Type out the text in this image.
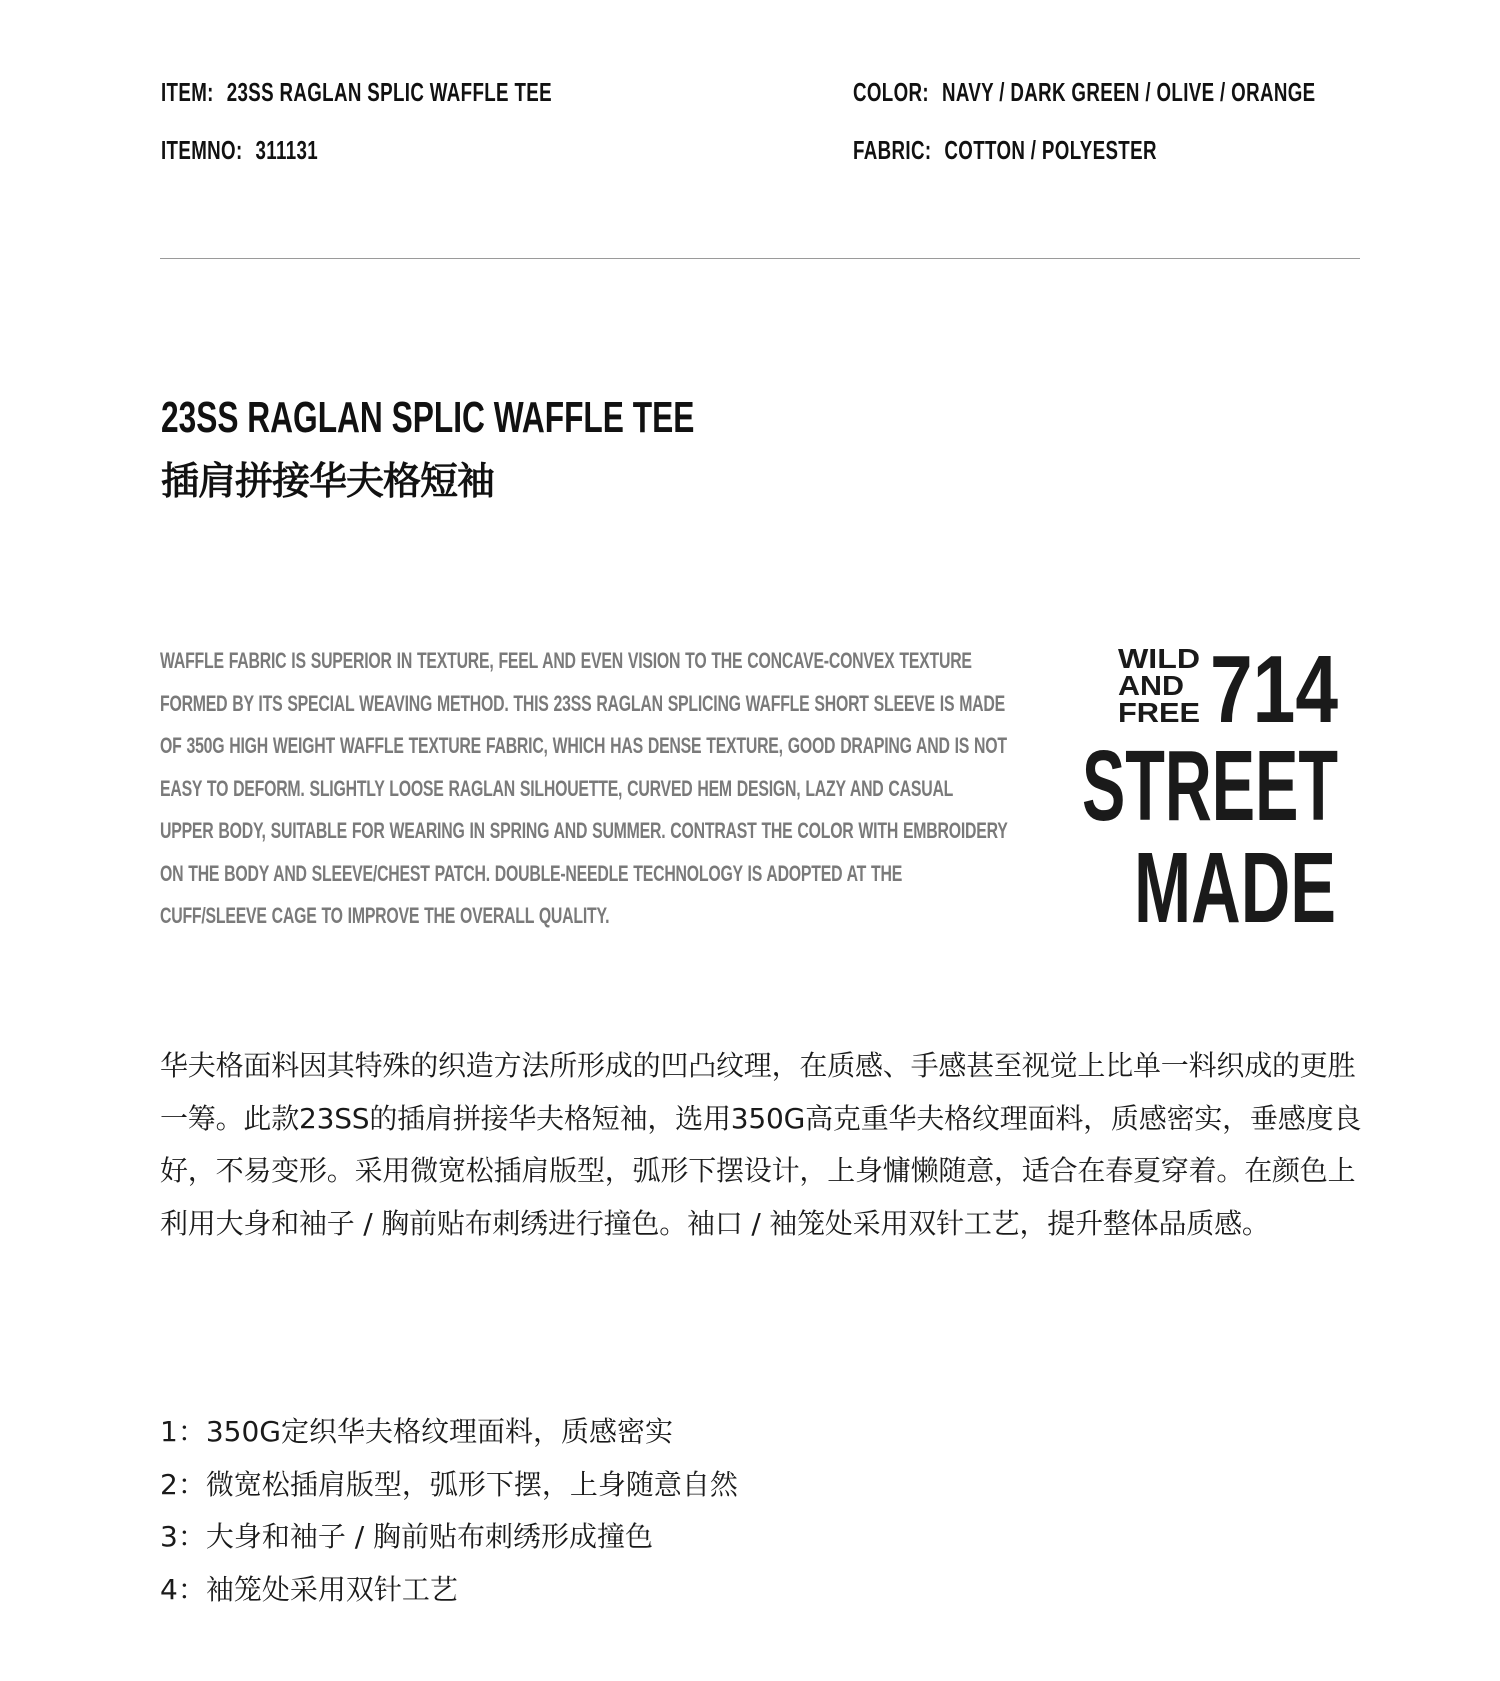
ITEM: 23SS RAGLAN SPLIC WAFFLE TEE
ITEMNO: 311131
COLOR: NAVY / DARK GREEN / OLIVE / ORANGE
FABRIC: COTTON / POLYESTER
23SS RAGLAN SPLIC WAFFLE TEE
插肩拼接华夫格短袖
WAFFLE FABRIC IS SUPERIOR IN TEXTURE, FEEL AND EVEN VISION TO THE CONCAVE-CONVEX TEXTURE FORMED BY ITS SPECIAL WEAVING METHOD. THIS 23SS RAGLAN SPLICING WAFFLE SHORT SLEEVE IS MADE OF 350G HIGH WEIGHT WAFFLE TEXTURE FABRIC, WHICH HAS DENSE TEXTURE, GOOD DRAPING AND IS NOT EASY TO DEFORM. SLIGHTLY LOOSE RAGLAN SILHOUETTE, CURVED HEM DESIGN, LAZY AND CASUAL UPPER BODY, SUITABLE FOR WEARING IN SPRING AND SUMMER. CONTRAST THE COLOR WITH EMBROIDERY ON THE BODY AND SLEEVE/CHEST PATCH. DOUBLE-NEEDLE TECHNOLOGY IS ADOPTED AT THE CUFF/SLEEVE CAGE TO IMPROVE THE OVERALL QUALITY.
WILD
AND
FREE 714
STREET
MADE
华夫格面料因其特殊的织造方法所形成的凹凸纹理，在质感、手感甚至视觉上比单一料织成的更胜一筹。此款23SS的插肩拼接华夫格短袖，选用350G高克重华夫格纹理面料，质感密实，垂感度良好，不易变形。采用微宽松插肩版型，弧形下摆设计，上身慵懒随意，适合在春夏穿着。在颜色上利用大身和袖子 / 胸前贴布刺绣进行撞色。袖口 / 袖笼处采用双针工艺，提升整体品质感。
1：350G定织华夫格纹理面料，质感密实
2：微宽松插肩版型，弧形下摆，上身随意自然
3：大身和袖子 / 胸前贴布刺绣形成撞色
4：袖笼处采用双针工艺
